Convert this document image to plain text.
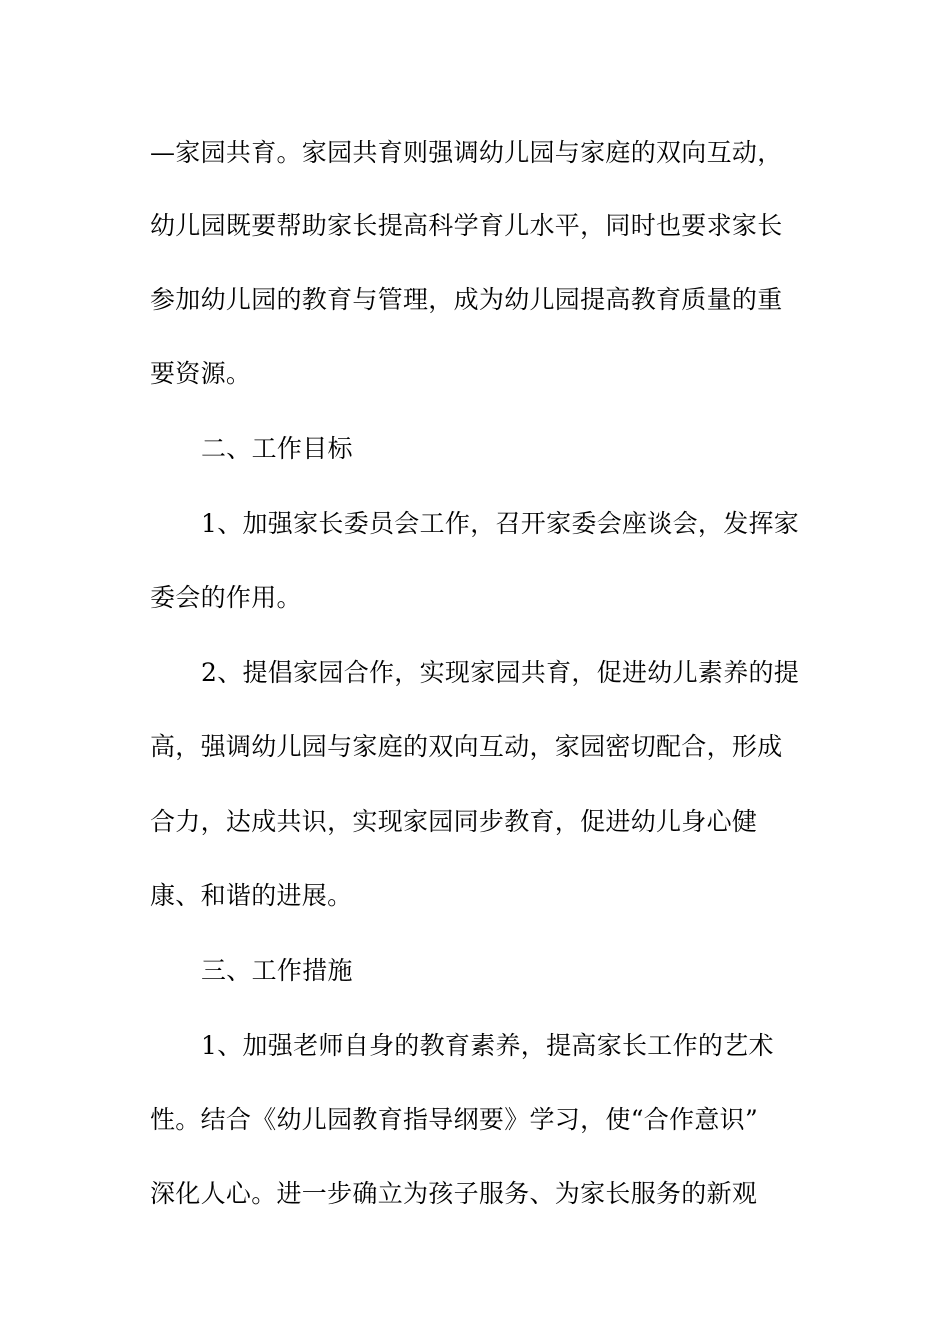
—家园共育。家园共育则强调幼儿园与家庭的双向互动，
幼儿园既要帮助家长提高科学育儿水平，同时也要求家长
参加幼儿园的教育与管理，成为幼儿园提高教育质量的重
要资源。
二、工作目标
1、加强家长委员会工作，召开家委会座谈会，发挥家
委会的作用。
2、提倡家园合作，实现家园共育，促进幼儿素养的提
高，强调幼儿园与家庭的双向互动，家园密切配合，形成
合力，达成共识，实现家园同步教育，促进幼儿身心健
康、和谐的进展。
三、工作措施
1、加强老师自身的教育素养，提高家长工作的艺术
性。结合《幼儿园教育指导纲要》学习，使“合作意识”
深化人心。进一步确立为孩子服务、为家长服务的新观
